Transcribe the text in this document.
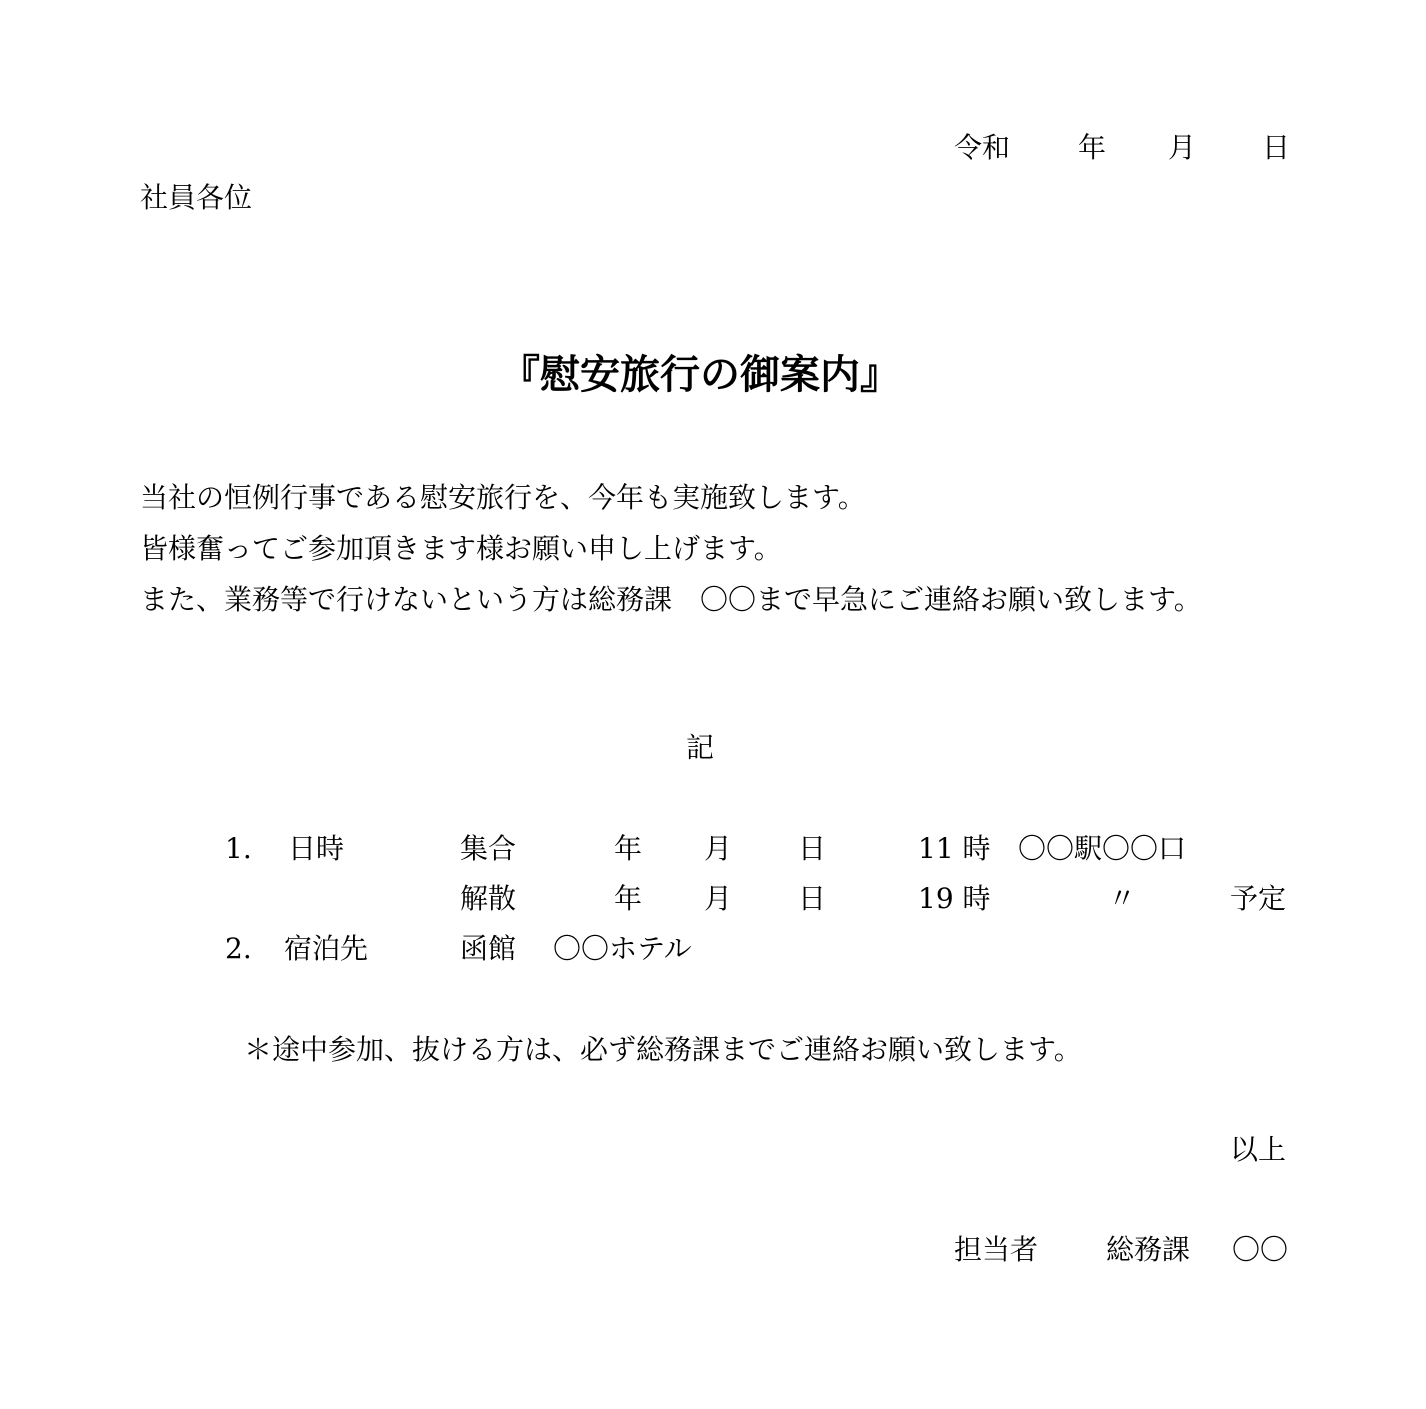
令和 年 月 日
社員各位
『慰安旅行の御案内』
当社の恒例行事である慰安旅行を、今年も実施致します。
皆様奮ってご参加頂きます様お願い申し上げます。
また、業務等で行けないという方は総務課　〇〇まで早急にご連絡お願い致します。
記
1. 日時	集合	年 月 日	11 時 〇〇駅〇〇口
解散	年 月 日	19 時	〃	予定
2. 宿泊先	函館 〇〇ホテル
＊途中参加、抜ける方は、必ず総務課までご連絡お願い致します。
以上
担当者 総務課 〇〇
